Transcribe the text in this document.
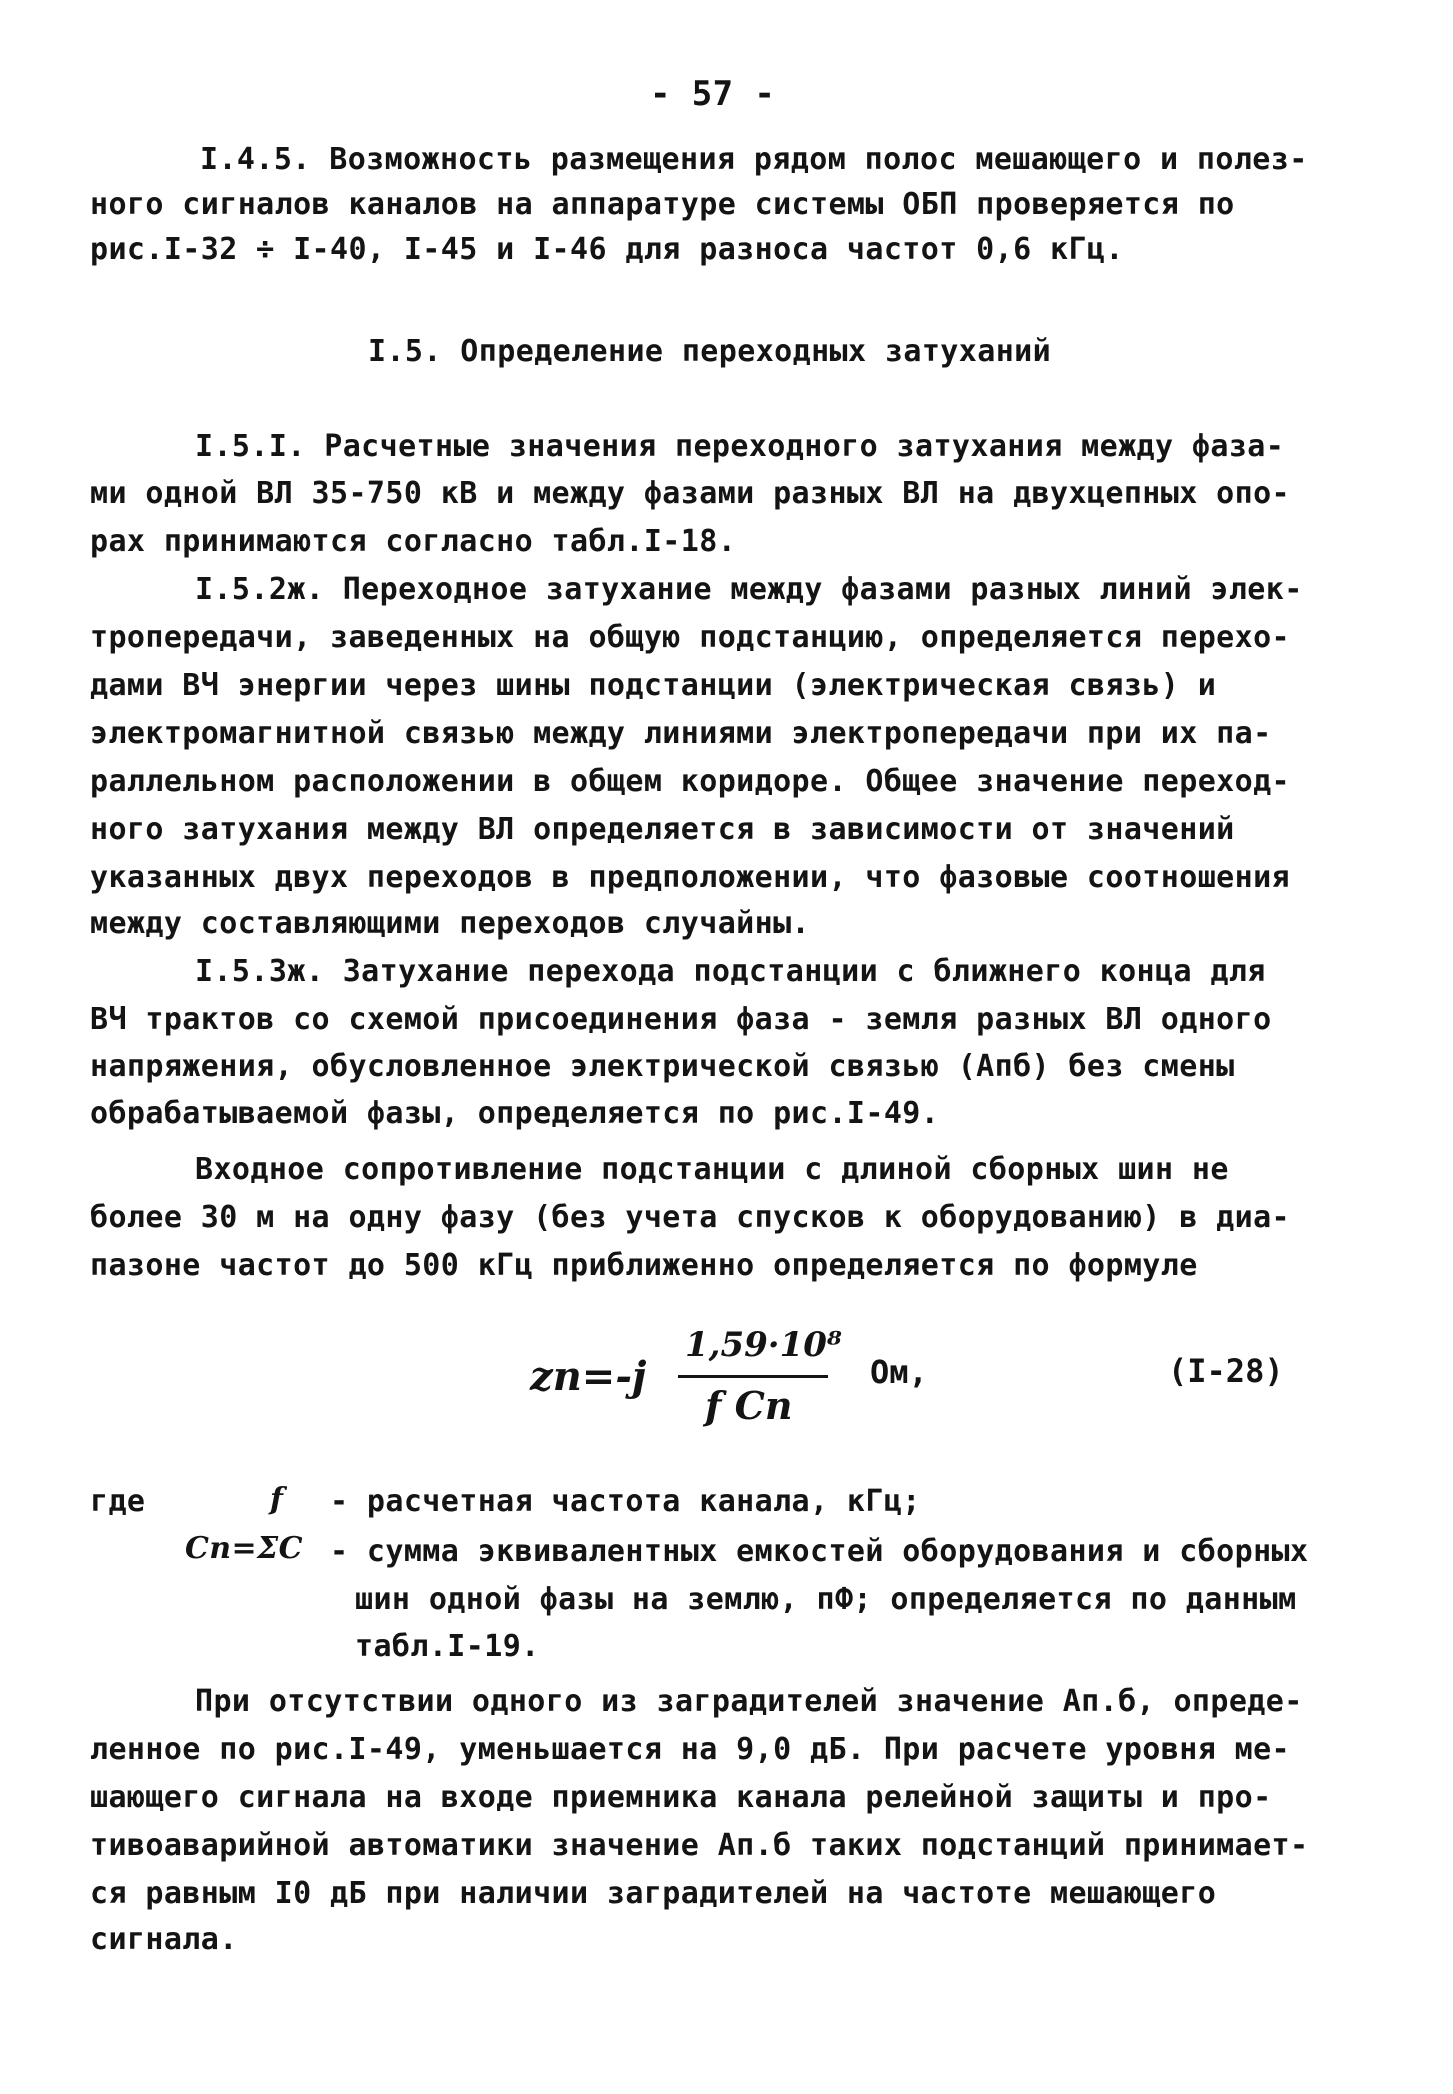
- 57 -
I.4.5. Возможность размещения рядом полос мешающего и полез-
ного сигналов каналов на аппаратуре системы ОБП проверяется по
рис.I-32 ÷ I-40, I-45 и I-46 для разноса частот 0,6 кГц.
I.5. Определение переходных затуханий
I.5.I. Расчетные значения переходного затухания между фаза-
ми одной ВЛ 35-750 кВ и между фазами разных ВЛ на двухцепных опо-
рах принимаются согласно табл.I-18.
I.5.2ж. Переходное затухание между фазами разных линий элек-
тропередачи, заведенных на общую подстанцию, определяется перехо-
дами ВЧ энергии через шины подстанции (электрическая связь) и
электромагнитной связью между линиями электропередачи при их па-
раллельном расположении в общем коридоре. Общее значение переход-
ного затухания между ВЛ определяется в зависимости от значений
указанных двух переходов в предположении, что фазовые соотношения
между составляющими переходов случайны.
I.5.3ж. Затухание перехода подстанции с ближнего конца для
ВЧ трактов со схемой присоединения фаза - земля разных ВЛ одного
напряжения, обусловленное электрической связью (Aпб) без смены
обрабатываемой фазы, определяется по рис.I-49.
Входное сопротивление подстанции с длиной сборных шин не
более 30 м на одну фазу (без учета спусков к оборудованию) в диа-
пазоне частот до 500 кГц приближенно определяется по формуле
zп=-j
1,59·10⁸
f Cп
Ом,	(I-28)
где	f - расчетная частота канала, кГц;
Cп=ΣC - сумма эквивалентных емкостей оборудования и сборных
шин одной фазы на землю, пФ; определяется по данным
табл.I-19.
При отсутствии одного из заградителей значение Aп.б, опреде-
ленное по рис.I-49, уменьшается на 9,0 дБ. При расчете уровня ме-
шающего сигнала на входе приемника канала релейной защиты и про-
тивоаварийной автоматики значение Aп.б таких подстанций принимает-
ся равным I0 дБ при наличии заградителей на частоте мешающего
сигнала.
